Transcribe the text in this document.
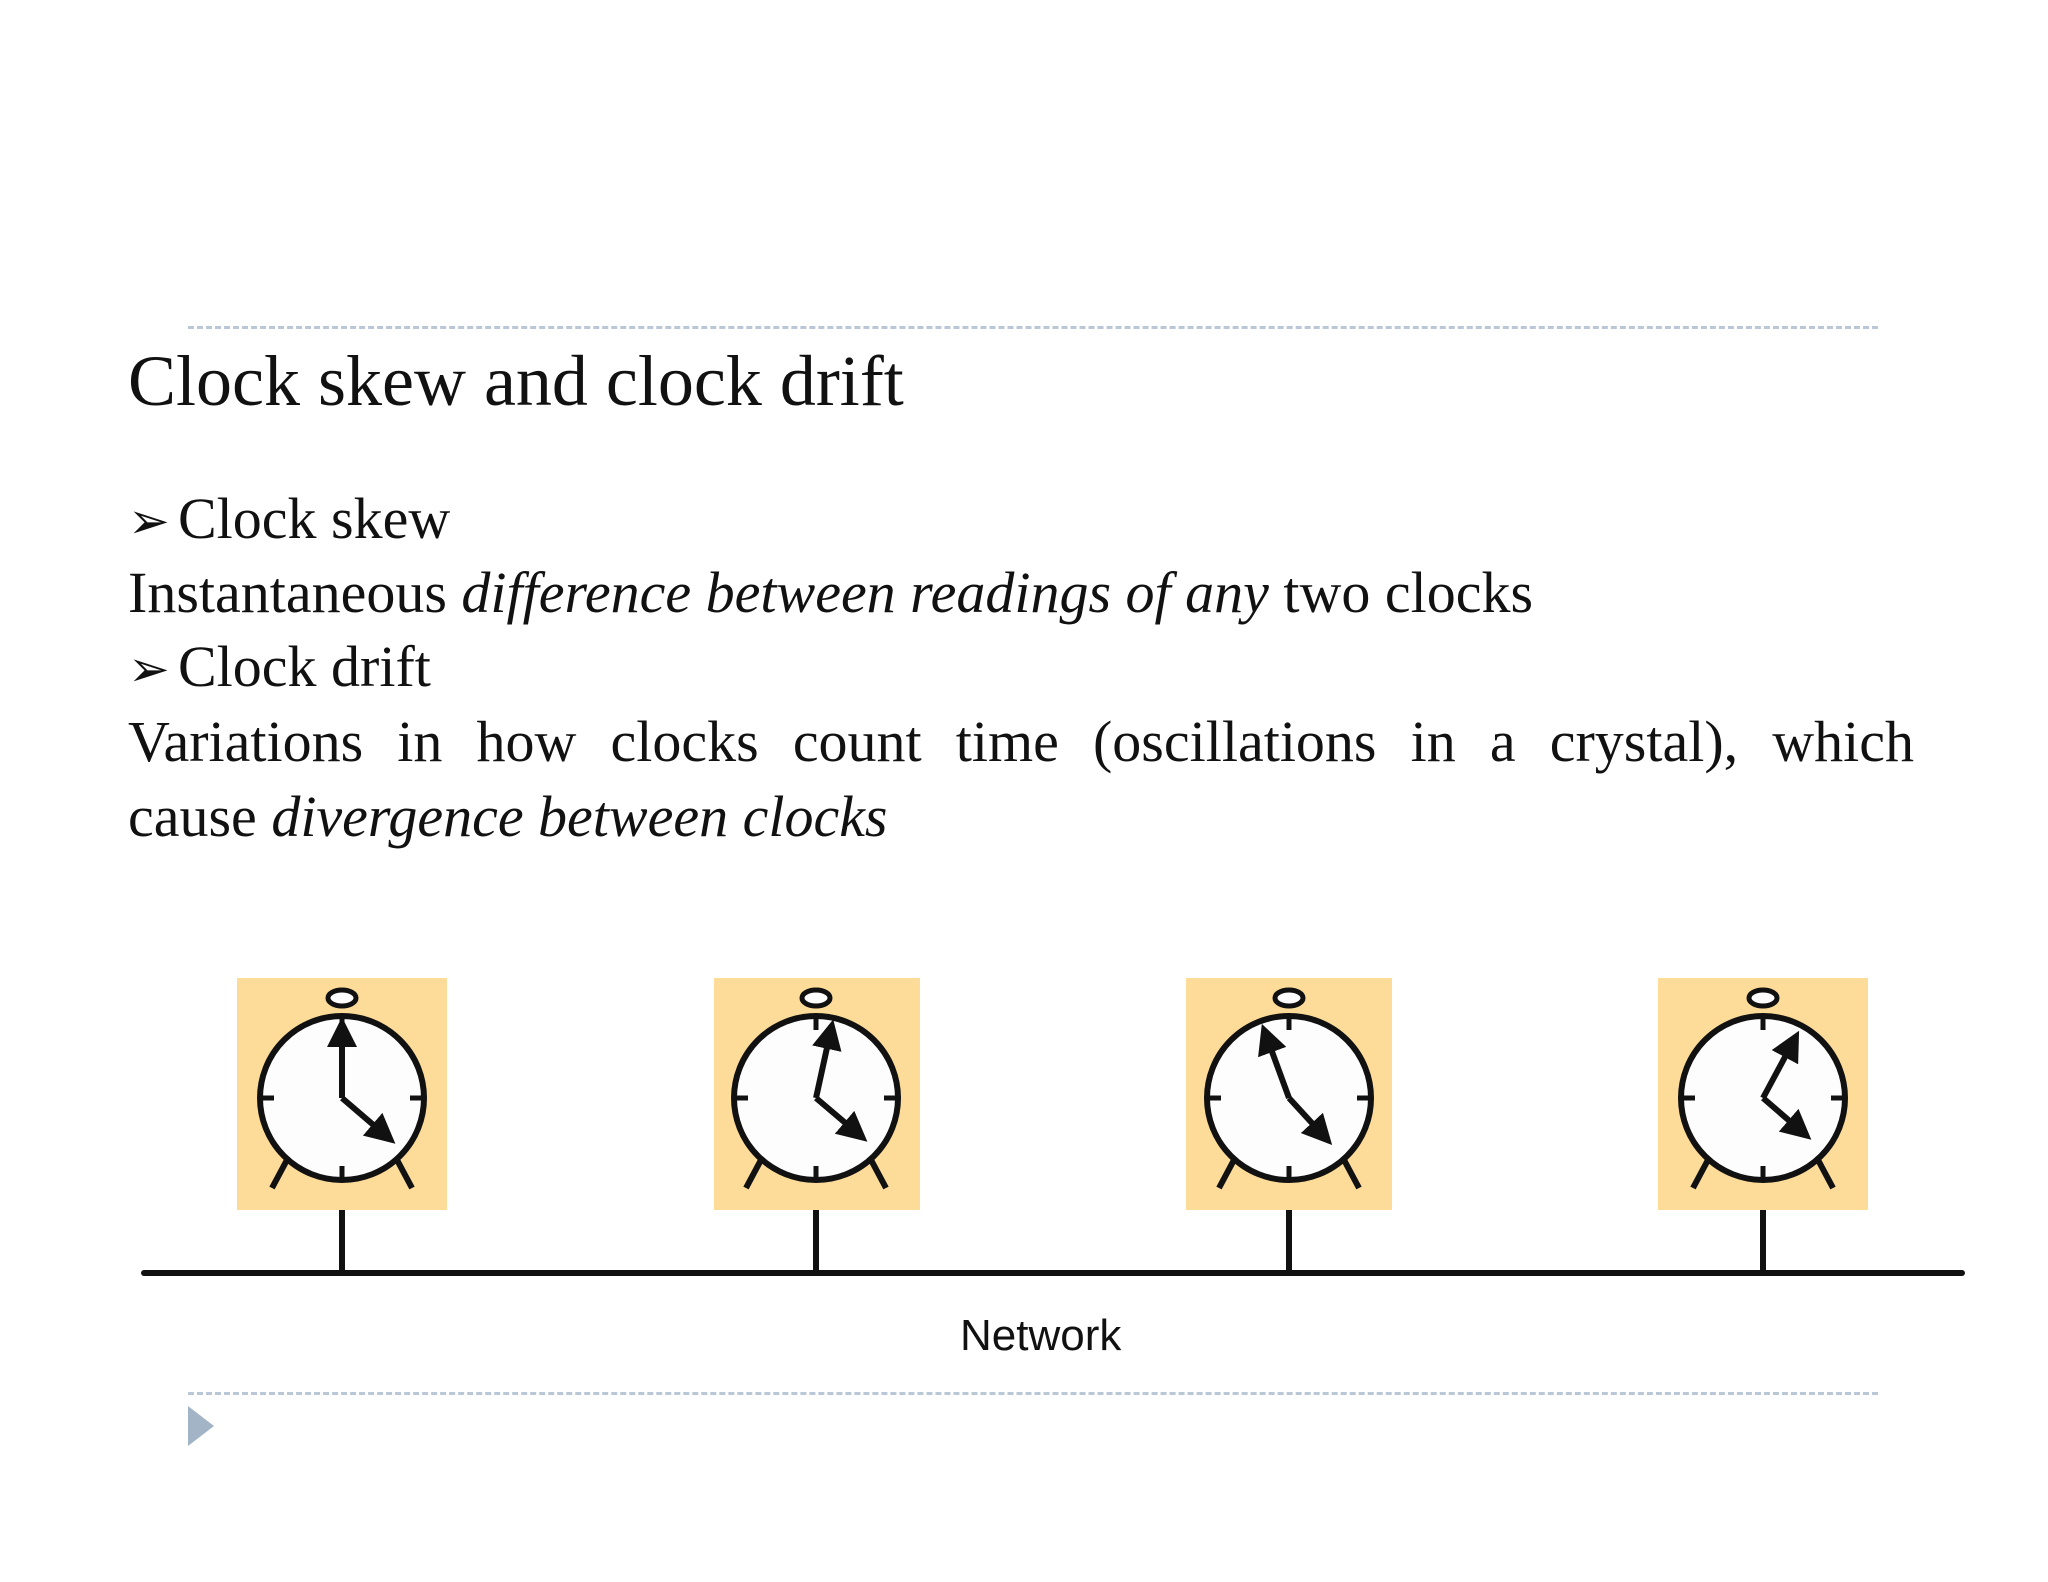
Clock skew and clock drift
➢ Clock skew
Instantaneous difference between readings of any two clocks
➢ Clock drift
Variations in how clocks count time (oscillations in a crystal), which
cause divergence between clocks
Network
